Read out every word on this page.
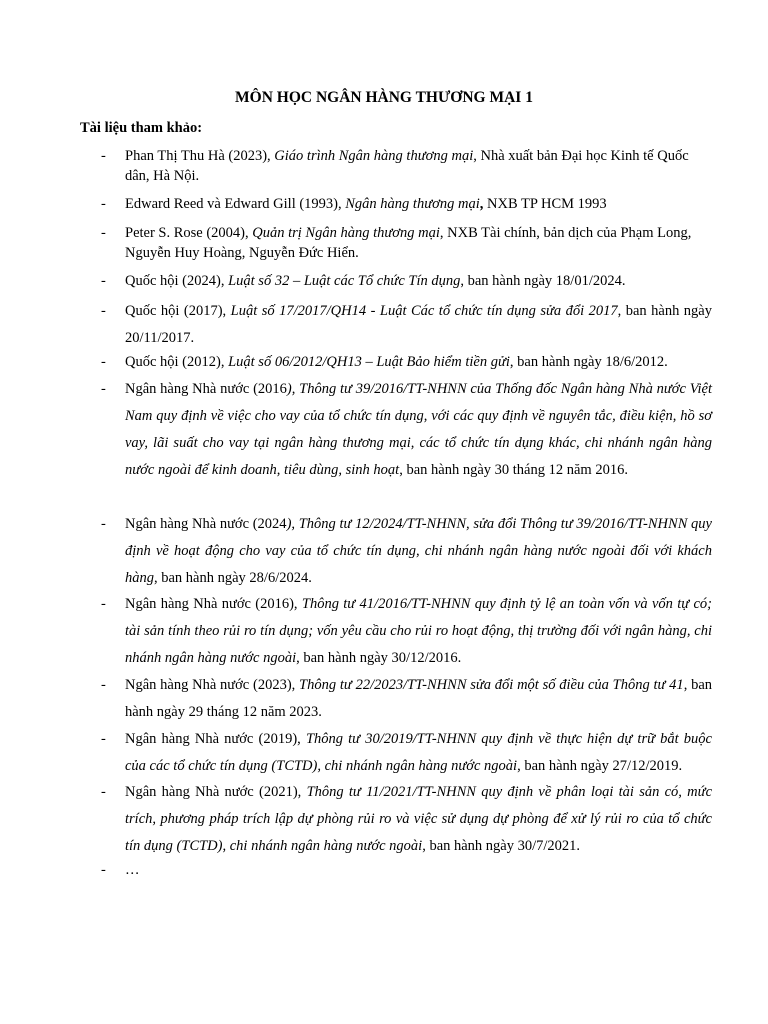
MÔN HỌC NGÂN HÀNG THƯƠNG MẠI 1
Tài liệu tham khảo:
- Phan Thị Thu Hà (2023), Giáo trình Ngân hàng thương mại, Nhà xuất bản Đại học Kinh tế Quốc dân, Hà Nội.
- Edward Reed và Edward Gill (1993), Ngân hàng thương mại, NXB TP HCM 1993
- Peter S. Rose (2004), Quản trị Ngân hàng thương mại, NXB Tài chính, bản dịch của Phạm Long, Nguyễn Huy Hoàng, Nguyễn Đức Hiển.
- Quốc hội (2024), Luật số 32 – Luật các Tổ chức Tín dụng, ban hành ngày 18/01/2024.
- Quốc hội (2017), Luật số 17/2017/QH14 - Luật Các tổ chức tín dụng sửa đổi 2017, ban hành ngày 20/11/2017.
- Quốc hội (2012), Luật số 06/2012/QH13 – Luật Bảo hiểm tiền gửi, ban hành ngày 18/6/2012.
- Ngân hàng Nhà nước (2016), Thông tư 39/2016/TT-NHNN của Thống đốc Ngân hàng Nhà nước Việt Nam quy định về việc cho vay của tổ chức tín dụng, với các quy định về nguyên tắc, điều kiện, hồ sơ vay, lãi suất cho vay tại ngân hàng thương mại, các tổ chức tín dụng khác, chi nhánh ngân hàng nước ngoài để kinh doanh, tiêu dùng, sinh hoạt, ban hành ngày 30 tháng 12 năm 2016.
- Ngân hàng Nhà nước (2024), Thông tư 12/2024/TT-NHNN, sửa đổi Thông tư 39/2016/TT-NHNN quy định về hoạt động cho vay của tổ chức tín dụng, chi nhánh ngân hàng nước ngoài đối với khách hàng, ban hành ngày 28/6/2024.
- Ngân hàng Nhà nước (2016), Thông tư 41/2016/TT-NHNN quy định tỷ lệ an toàn vốn và vốn tự có; tài sản tính theo rủi ro tín dụng; vốn yêu cầu cho rủi ro hoạt động, thị trường đối với ngân hàng, chi nhánh ngân hàng nước ngoài, ban hành ngày 30/12/2016.
- Ngân hàng Nhà nước (2023), Thông tư 22/2023/TT-NHNN sửa đổi một số điều của Thông tư 41, ban hành ngày 29 tháng 12 năm 2023.
- Ngân hàng Nhà nước (2019), Thông tư 30/2019/TT-NHNN quy định về thực hiện dự trữ bắt buộc của các tổ chức tín dụng (TCTD), chi nhánh ngân hàng nước ngoài, ban hành ngày 27/12/2019.
- Ngân hàng Nhà nước (2021), Thông tư 11/2021/TT-NHNN quy định về phân loại tài sản có, mức trích, phương pháp trích lập dự phòng rủi ro và việc sử dụng dự phòng để xử lý rủi ro của tổ chức tín dụng (TCTD), chi nhánh ngân hàng nước ngoài, ban hành ngày 30/7/2021.
- …
